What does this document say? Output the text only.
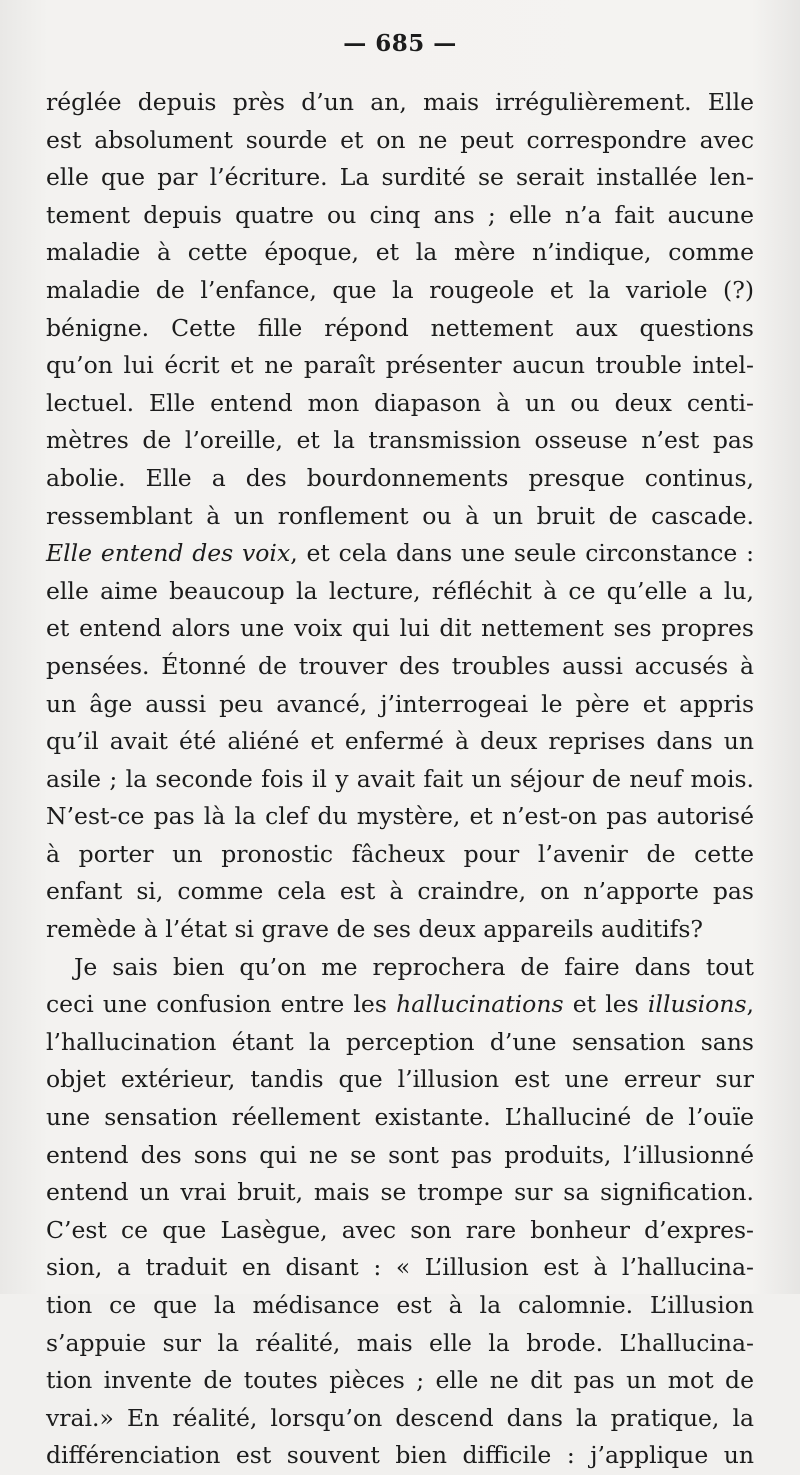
— 685 —
réglée depuis près d’un an, mais irrégulièrement. Elle
est absolument sourde et on ne peut correspondre avec
elle que par l’écriture. La surdité se serait installée len-
tement depuis quatre ou cinq ans ; elle n’a fait aucune
maladie à cette époque, et la mère n’indique, comme
maladie de l’enfance, que la rougeole et la variole (?)
bénigne. Cette fille répond nettement aux questions
qu’on lui écrit et ne paraît présenter aucun trouble intel-
lectuel. Elle entend mon diapason à un ou deux centi-
mètres de l’oreille, et la transmission osseuse n’est pas
abolie. Elle a des bourdonnements presque continus,
ressemblant à un ronflement ou à un bruit de cascade.
Elle entend des voix, et cela dans une seule circonstance :
elle aime beaucoup la lecture, réfléchit à ce qu’elle a lu,
et entend alors une voix qui lui dit nettement ses propres
pensées. Étonné de trouver des troubles aussi accusés à
un âge aussi peu avancé, j’interrogeai le père et appris
qu’il avait été aliéné et enfermé à deux reprises dans un
asile ; la seconde fois il y avait fait un séjour de neuf mois.
N’est-ce pas là la clef du mystère, et n’est-on pas autorisé
à porter un pronostic fâcheux pour l’avenir de cette
enfant si, comme cela est à craindre, on n’apporte pas
remède à l’état si grave de ses deux appareils auditifs?
Je sais bien qu’on me reprochera de faire dans tout
ceci une confusion entre les hallucinations et les illusions,
l’hallucination étant la perception d’une sensation sans
objet extérieur, tandis que l’illusion est une erreur sur
une sensation réellement existante. L’halluciné de l’ouïe
entend des sons qui ne se sont pas produits, l’illusionné
entend un vrai bruit, mais se trompe sur sa signification.
C’est ce que Lasègue, avec son rare bonheur d’expres-
sion, a traduit en disant : « L’illusion est à l’hallucina-
tion ce que la médisance est à la calomnie. L’illusion
s’appuie sur la réalité, mais elle la brode. L’hallucina-
tion invente de toutes pièces ; elle ne dit pas un mot de
vrai.» En réalité, lorsqu’on descend dans la pratique, la
différenciation est souvent bien difficile : j’applique un
